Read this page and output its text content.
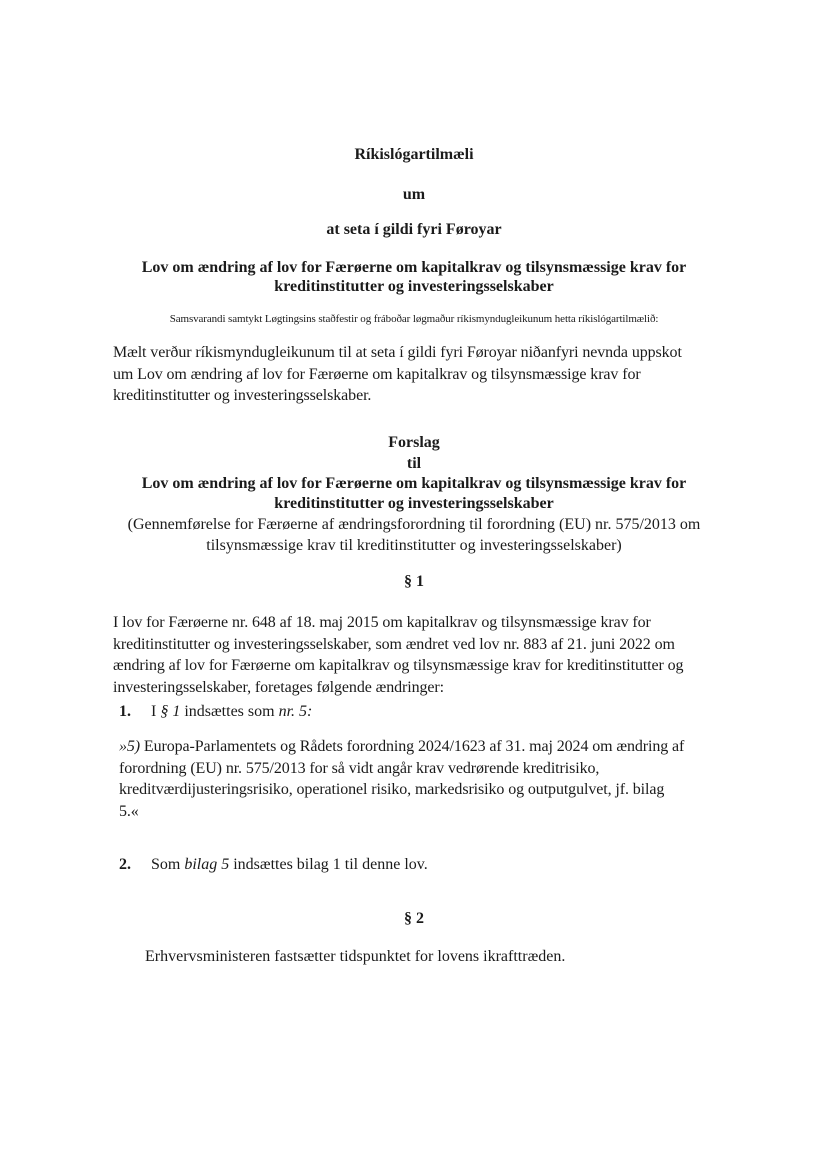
Ríkislógartilmæli
um
at seta í gildi fyri Føroyar
Lov om ændring af lov for Færøerne om kapitalkrav og tilsynsmæssige krav for
kreditinstitutter og investeringsselskaber
Samsvarandi samtykt Løgtingsins staðfestir og fráboðar løgmaður ríkismyndugleikunum hetta ríkislógartilmælið:
Mælt verður ríkismyndugleikunum til at seta í gildi fyri Føroyar niðanfyri nevnda uppskot
um Lov om ændring af lov for Færøerne om kapitalkrav og tilsynsmæssige krav for
kreditinstitutter og investeringsselskaber.
Forslag
til
Lov om ændring af lov for Færøerne om kapitalkrav og tilsynsmæssige krav for
kreditinstitutter og investeringsselskaber
(Gennemførelse for Færøerne af ændringsforordning til forordning (EU) nr. 575/2013 om
tilsynsmæssige krav til kreditinstitutter og investeringsselskaber)
§ 1
I lov for Færøerne nr. 648 af 18. maj 2015 om kapitalkrav og tilsynsmæssige krav for
kreditinstitutter og investeringsselskaber, som ændret ved lov nr. 883 af 21. juni 2022 om
ændring af lov for Færøerne om kapitalkrav og tilsynsmæssige krav for kreditinstitutter og
investeringsselskaber, foretages følgende ændringer:
1. I § 1 indsættes som nr. 5:
»5) Europa-Parlamentets og Rådets forordning 2024/1623 af 31. maj 2024 om ændring af
forordning (EU) nr. 575/2013 for så vidt angår krav vedrørende kreditrisiko,
kreditværdijusteringsrisiko, operationel risiko, markedsrisiko og outputgulvet, jf. bilag
5.«
2. Som bilag 5 indsættes bilag 1 til denne lov.
§ 2
Erhvervsministeren fastsætter tidspunktet for lovens ikrafttræden.
